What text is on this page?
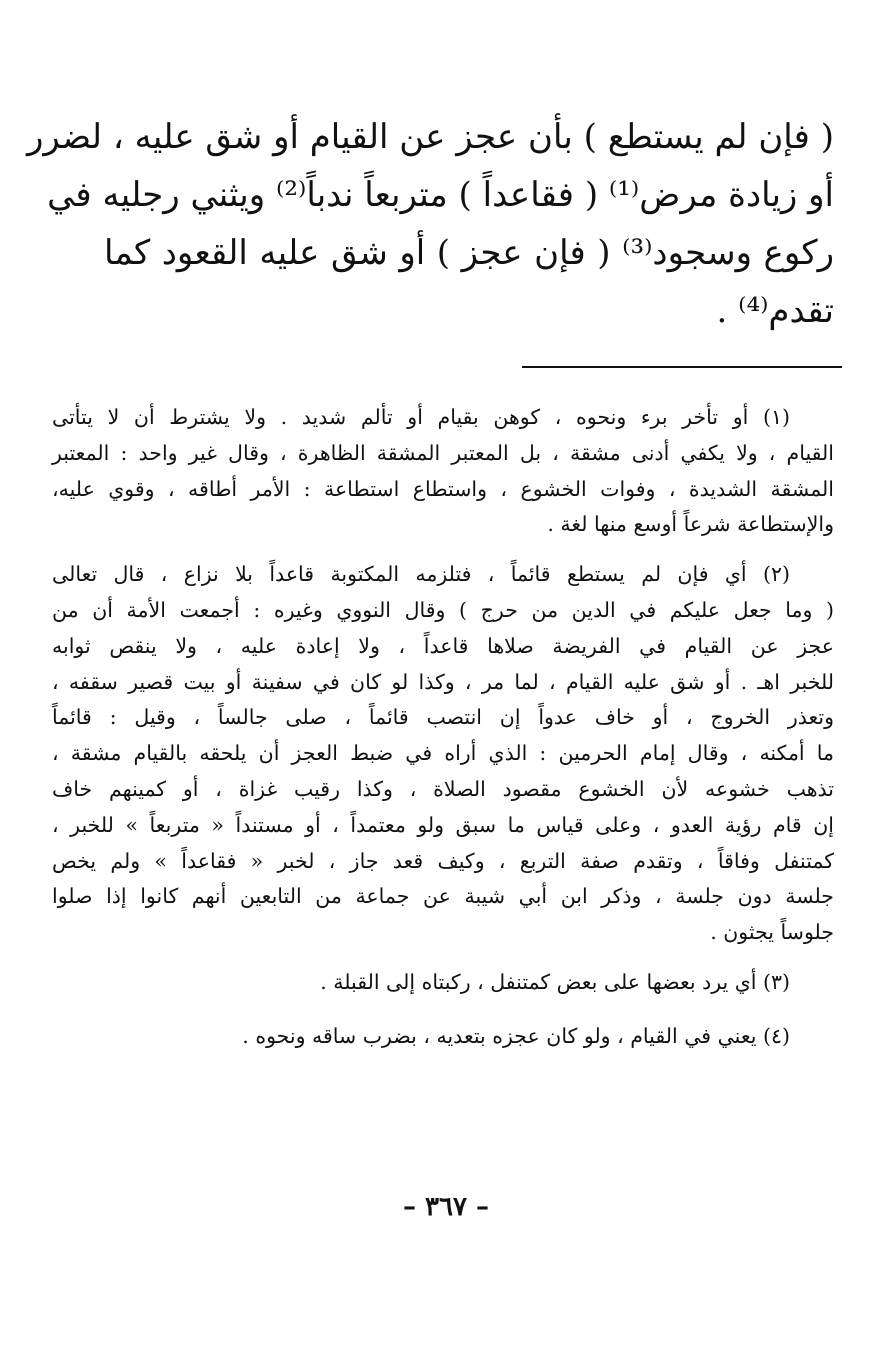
( فإن لم يستطع ) بأن عجز عن القيام أو شق عليه ، لضرر
أو زيادة مرض⁽¹⁾ ( فقاعداً ) متربعاً ندباً⁽²⁾ ويثني رجليه في
ركوع وسجود⁽³⁾ ( فإن عجز ) أو شق عليه القعود كما
تقدم⁽⁴⁾ .
(١) أو تأخر برء ونحوه ، كوهن بقيام أو تألم شديد . ولا يشترط أن لا يتأتى
القيام ، ولا يكفي أدنى مشقة ، بل المعتبر المشقة الظاهرة ، وقال غير واحد : المعتبر
المشقة الشديدة ، وفوات الخشوع ، واستطاع استطاعة : الأمر أطاقه ، وقوي عليه،
والإستطاعة شرعاً أوسع منها لغة .
(٢) أي فإن لم يستطع قائماً ، فتلزمه المكتوبة قاعداً بلا نزاع ، قال تعالى
( وما جعل عليكم في الدين من حرج ) وقال النووي وغيره : أجمعت الأمة أن من
عجز عن القيام في الفريضة صلاها قاعداً ، ولا إعادة عليه ، ولا ينقص ثوابه
للخبر اهـ . أو شق عليه القيام ، لما مر ، وكذا لو كان في سفينة أو بيت قصير سقفه ،
وتعذر الخروج ، أو خاف عدواً إن انتصب قائماً ، صلى جالساً ، وقيل : قائماً
ما أمكنه ، وقال إمام الحرمين : الذي أراه في ضبط العجز أن يلحقه بالقيام مشقة ،
تذهب خشوعه لأن الخشوع مقصود الصلاة ، وكذا رقيب غزاة ، أو كمينهم خاف
إن قام رؤية العدو ، وعلى قياس ما سبق ولو معتمداً ، أو مستنداً « متربعاً » للخبر ،
كمتنفل وفاقاً ، وتقدم صفة التربع ، وكيف قعد جاز ، لخبر « فقاعداً » ولم يخص
جلسة دون جلسة ، وذكر ابن أبي شيبة عن جماعة من التابعين أنهم كانوا إذا صلوا
جلوساً يجثون .
(٣) أي يرد بعضها على بعض كمتنفل ، ركبتاه إلى القبلة .
(٤) يعني في القيام ، ولو كان عجزه بتعديه ، بضرب ساقه ونحوه .
– ٣٦٧ –
